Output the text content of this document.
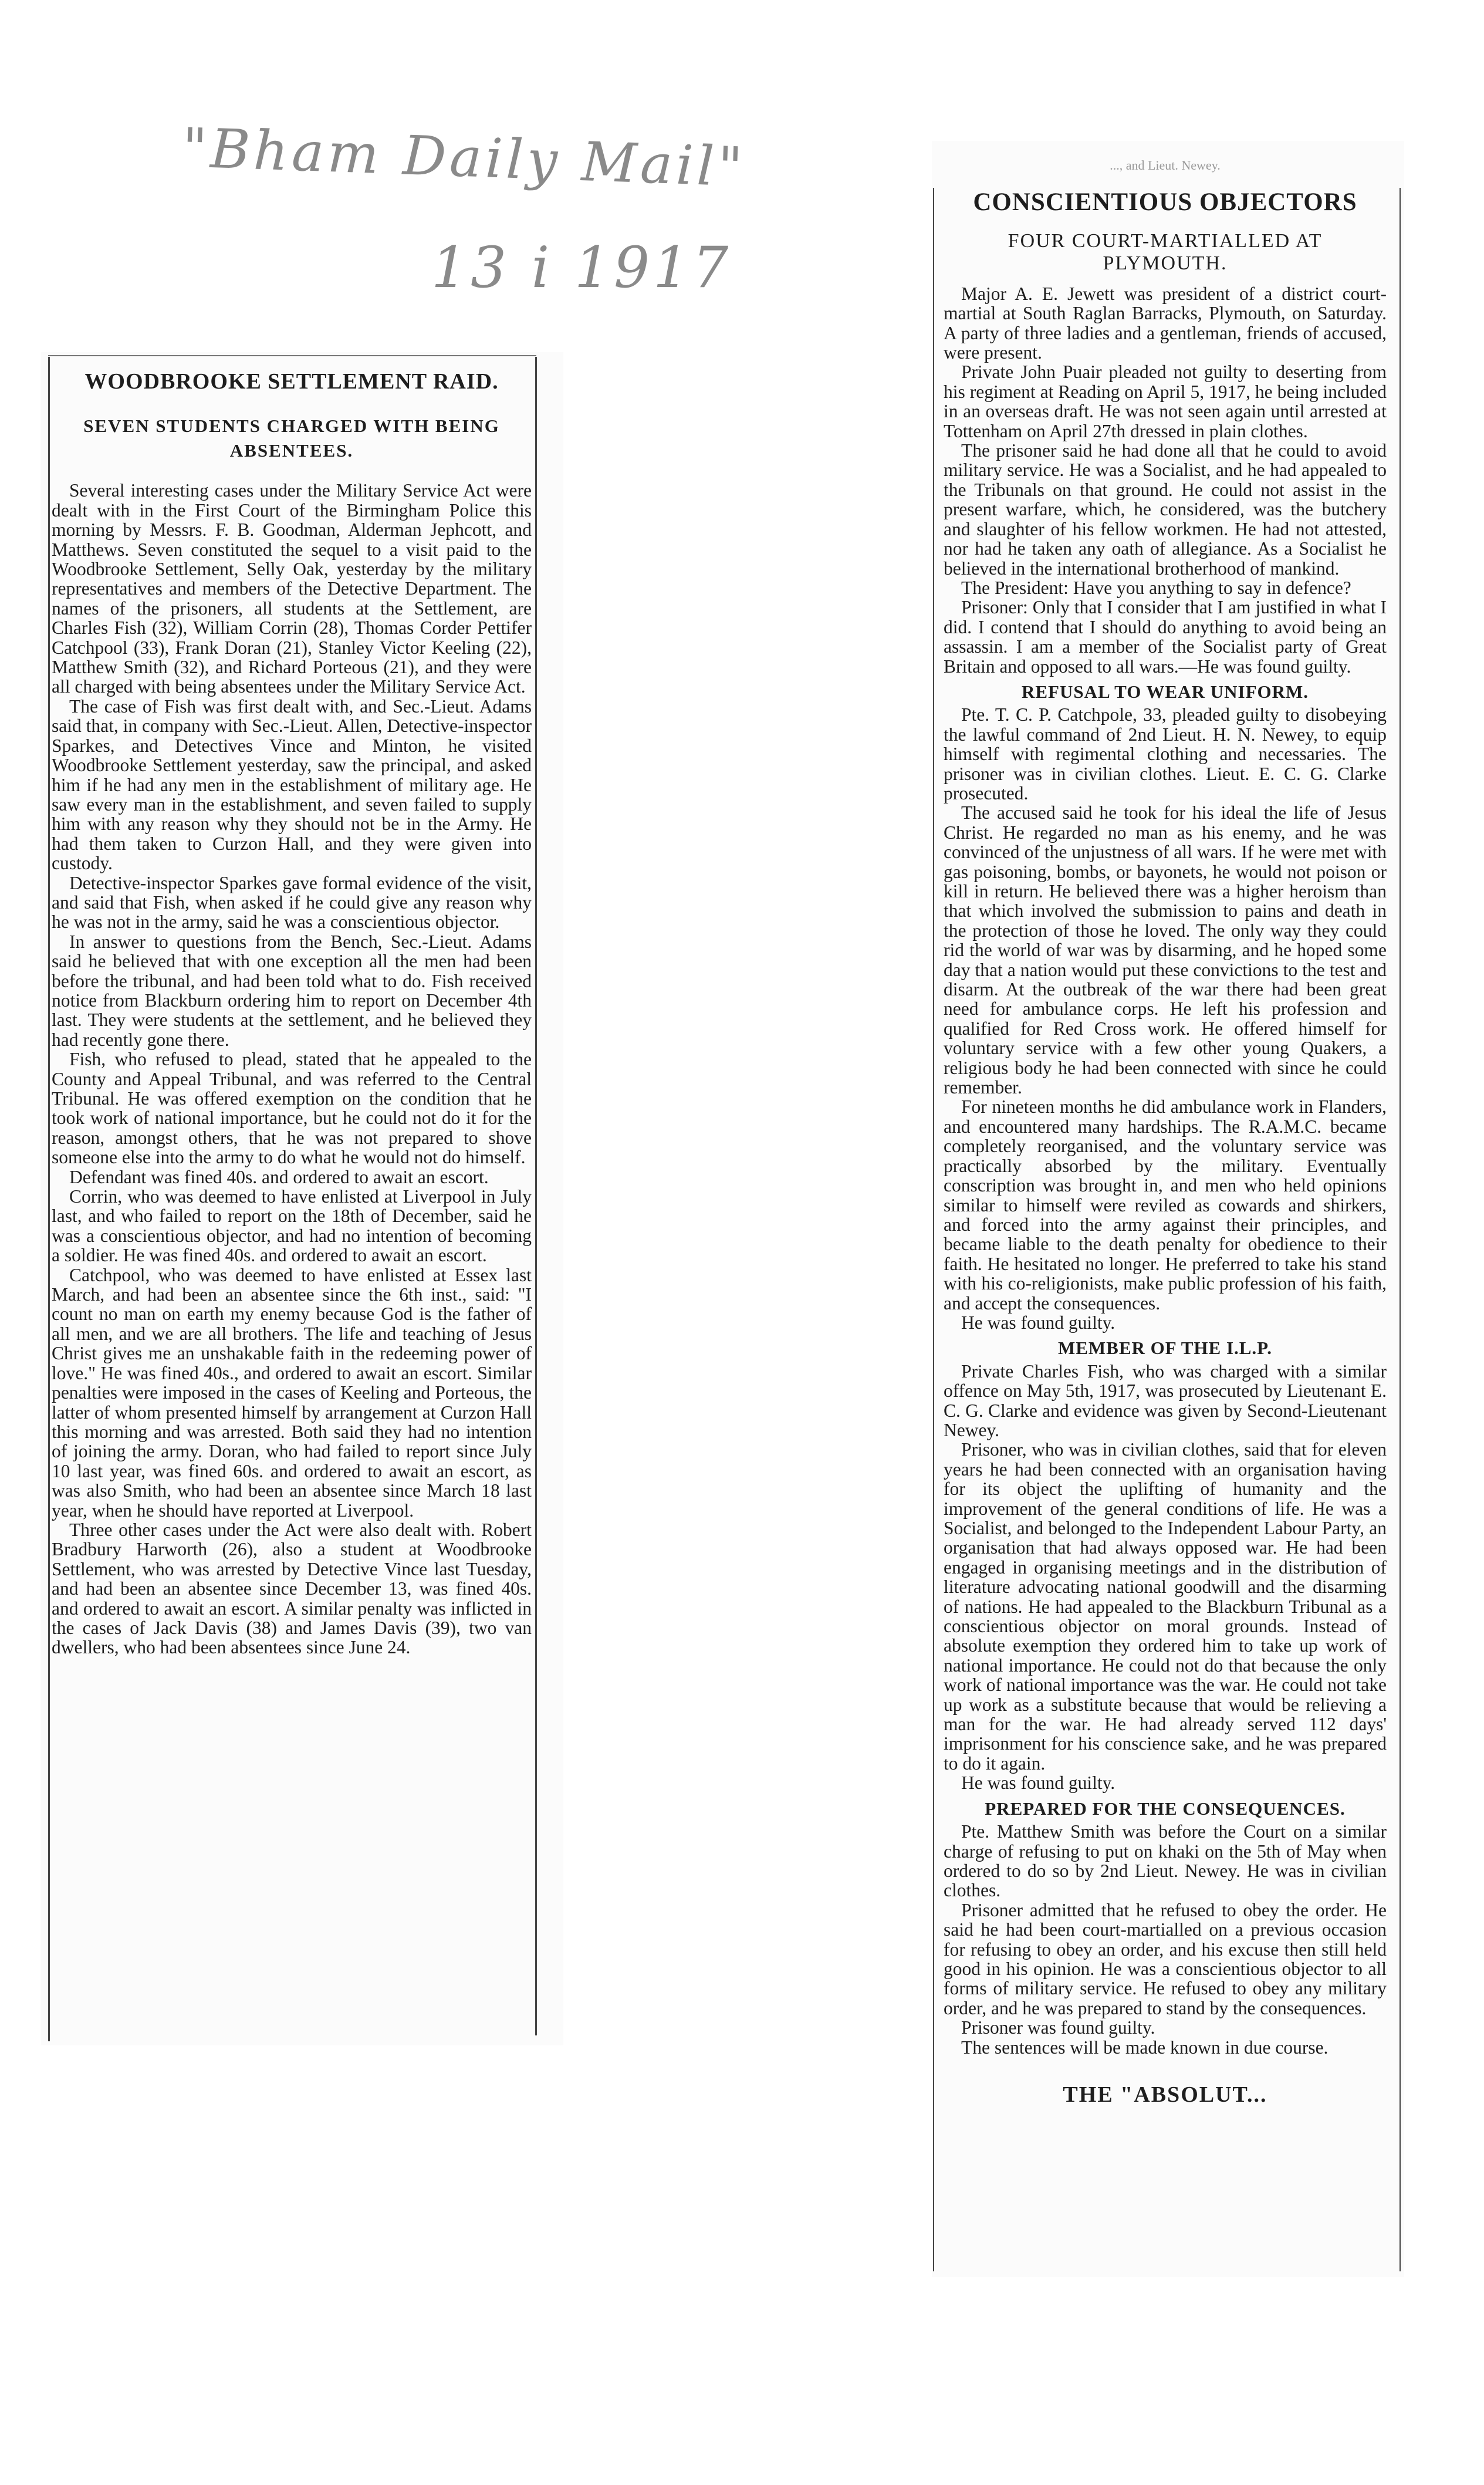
"Bham Daily Mail"
13 i 1917
WOODBROOKE SETTLEMENT RAID.
SEVEN STUDENTS CHARGED WITH BEING ABSENTEES.

Several interesting cases under the Military Service Act were dealt with in the First Court of the Birmingham Police this morning by Messrs. F. B. Goodman, Alderman Jephcott, and Matthews. Seven constituted the sequel to a visit paid to the Woodbrooke Settlement, Selly Oak, yesterday by the military representatives and members of the Detective Department. The names of the prisoners, all students at the Settlement, are Charles Fish (32), William Corrin (28), Thomas Corder Pettifer Catchpool (33), Frank Doran (21), Stanley Victor Keeling (22), Matthew Smith (32), and Richard Porteous (21), and they were all charged with being absentees under the Military Service Act.

The case of Fish was first dealt with, and Sec.-Lieut. Adams said that, in company with Sec.-Lieut. Allen, Detective-inspector Sparkes, and Detectives Vince and Minton, he visited Woodbrooke Settlement yesterday, saw the principal, and asked him if he had any men in the establishment of military age. He saw every man in the establishment, and seven failed to supply him with any reason why they should not be in the Army. He had them taken to Curzon Hall, and they were given into custody.

Detective-inspector Sparkes gave formal evidence of the visit, and said that Fish, when asked if he could give any reason why he was not in the army, said he was a conscientious objector.

In answer to questions from the Bench, Sec.-Lieut. Adams said he believed that with one exception all the men had been before the tribunal, and had been told what to do. Fish received notice from Blackburn ordering him to report on December 4th last. They were students at the settlement, and he believed they had recently gone there.

Fish, who refused to plead, stated that he appealed to the County and Appeal Tribunal, and was referred to the Central Tribunal. He was offered exemption on the condition that he took work of national importance, but he could not do it for the reason, amongst others, that he was not prepared to shove someone else into the army to do what he would not do himself.

Defendant was fined 40s. and ordered to await an escort.

Corrin, who was deemed to have enlisted at Liverpool in July last, and who failed to report on the 18th of December, said he was a conscientious objector, and had no intention of becoming a soldier. He was fined 40s. and ordered to await an escort.

Catchpool, who was deemed to have enlisted at Essex last March, and had been an absentee since the 6th inst., said: "I count no man on earth my enemy because God is the father of all men, and we are all brothers. The life and teaching of Jesus Christ gives me an unshakable faith in the redeeming power of love." He was fined 40s., and ordered to await an escort. Similar penalties were imposed in the cases of Keeling and Porteous, the latter of whom presented himself by arrangement at Curzon Hall this morning and was arrested. Both said they had no intention of joining the army. Doran, who had failed to report since July 10 last year, was fined 60s. and ordered to await an escort, as was also Smith, who had been an absentee since March 18 last year, when he should have reported at Liverpool.

Three other cases under the Act were also dealt with. Robert Bradbury Harworth (26), also a student at Woodbrooke Settlement, who was arrested by Detective Vince last Tuesday, and had been an absentee since December 13, was fined 40s. and ordered to await an escort. A similar penalty was inflicted in the cases of Jack Davis (38) and James Davis (39), two van dwellers, who had been absentees since June 24.

..., and Lieut. Newey.
CONSCIENTIOUS OBJECTORS
FOUR COURT-MARTIALLED AT PLYMOUTH.

Major A. E. Jewett was president of a district court-martial at South Raglan Barracks, Plymouth, on Saturday. A party of three ladies and a gentleman, friends of accused, were present.

Private John Puair pleaded not guilty to deserting from his regiment at Reading on April 5, 1917, he being included in an overseas draft. He was not seen again until arrested at Tottenham on April 27th dressed in plain clothes.

The prisoner said he had done all that he could to avoid military service. He was a Socialist, and he had appealed to the Tribunals on that ground. He could not assist in the present warfare, which, he considered, was the butchery and slaughter of his fellow workmen. He had not attested, nor had he taken any oath of allegiance. As a Socialist he believed in the international brotherhood of mankind.

The President: Have you anything to say in defence?

Prisoner: Only that I consider that I am justified in what I did. I contend that I should do anything to avoid being an assassin. I am a member of the Socialist party of Great Britain and opposed to all wars.—He was found guilty.

REFUSAL TO WEAR UNIFORM.

Pte. T. C. P. Catchpole, 33, pleaded guilty to disobeying the lawful command of 2nd Lieut. H. N. Newey, to equip himself with regimental clothing and necessaries. The prisoner was in civilian clothes. Lieut. E. C. G. Clarke prosecuted.

The accused said he took for his ideal the life of Jesus Christ. He regarded no man as his enemy, and he was convinced of the unjustness of all wars. If he were met with gas poisoning, bombs, or bayonets, he would not poison or kill in return. He believed there was a higher heroism than that which involved the submission to pains and death in the protection of those he loved. The only way they could rid the world of war was by disarming, and he hoped some day that a nation would put these convictions to the test and disarm. At the outbreak of the war there had been great need for ambulance corps. He left his profession and qualified for Red Cross work. He offered himself for voluntary service with a few other young Quakers, a religious body he had been connected with since he could remember.

For nineteen months he did ambulance work in Flanders, and encountered many hardships. The R.A.M.C. became completely reorganised, and the voluntary service was practically absorbed by the military. Eventually conscription was brought in, and men who held opinions similar to himself were reviled as cowards and shirkers, and forced into the army against their principles, and became liable to the death penalty for obedience to their faith. He hesitated no longer. He preferred to take his stand with his co-religionists, make public profession of his faith, and accept the consequences.

He was found guilty.

MEMBER OF THE I.L.P.

Private Charles Fish, who was charged with a similar offence on May 5th, 1917, was prosecuted by Lieutenant E. C. G. Clarke and evidence was given by Second-Lieutenant Newey.

Prisoner, who was in civilian clothes, said that for eleven years he had been connected with an organisation having for its object the uplifting of humanity and the improvement of the general conditions of life. He was a Socialist, and belonged to the Independent Labour Party, an organisation that had always opposed war. He had been engaged in organising meetings and in the distribution of literature advocating national goodwill and the disarming of nations. He had appealed to the Blackburn Tribunal as a conscientious objector on moral grounds. Instead of absolute exemption they ordered him to take up work of national importance. He could not do that because the only work of national importance was the war. He could not take up work as a substitute because that would be relieving a man for the war. He had already served 112 days' imprisonment for his conscience sake, and he was prepared to do it again.

He was found guilty.

PREPARED FOR THE CONSEQUENCES.

Pte. Matthew Smith was before the Court on a similar charge of refusing to put on khaki on the 5th of May when ordered to do so by 2nd Lieut. Newey. He was in civilian clothes.

Prisoner admitted that he refused to obey the order. He said he had been court-martialled on a previous occasion for refusing to obey an order, and his excuse then still held good in his opinion. He was a conscientious objector to all forms of military service. He refused to obey any military order, and he was prepared to stand by the consequences.

Prisoner was found guilty.

The sentences will be made known in due course.

THE "ABSOLUT...
